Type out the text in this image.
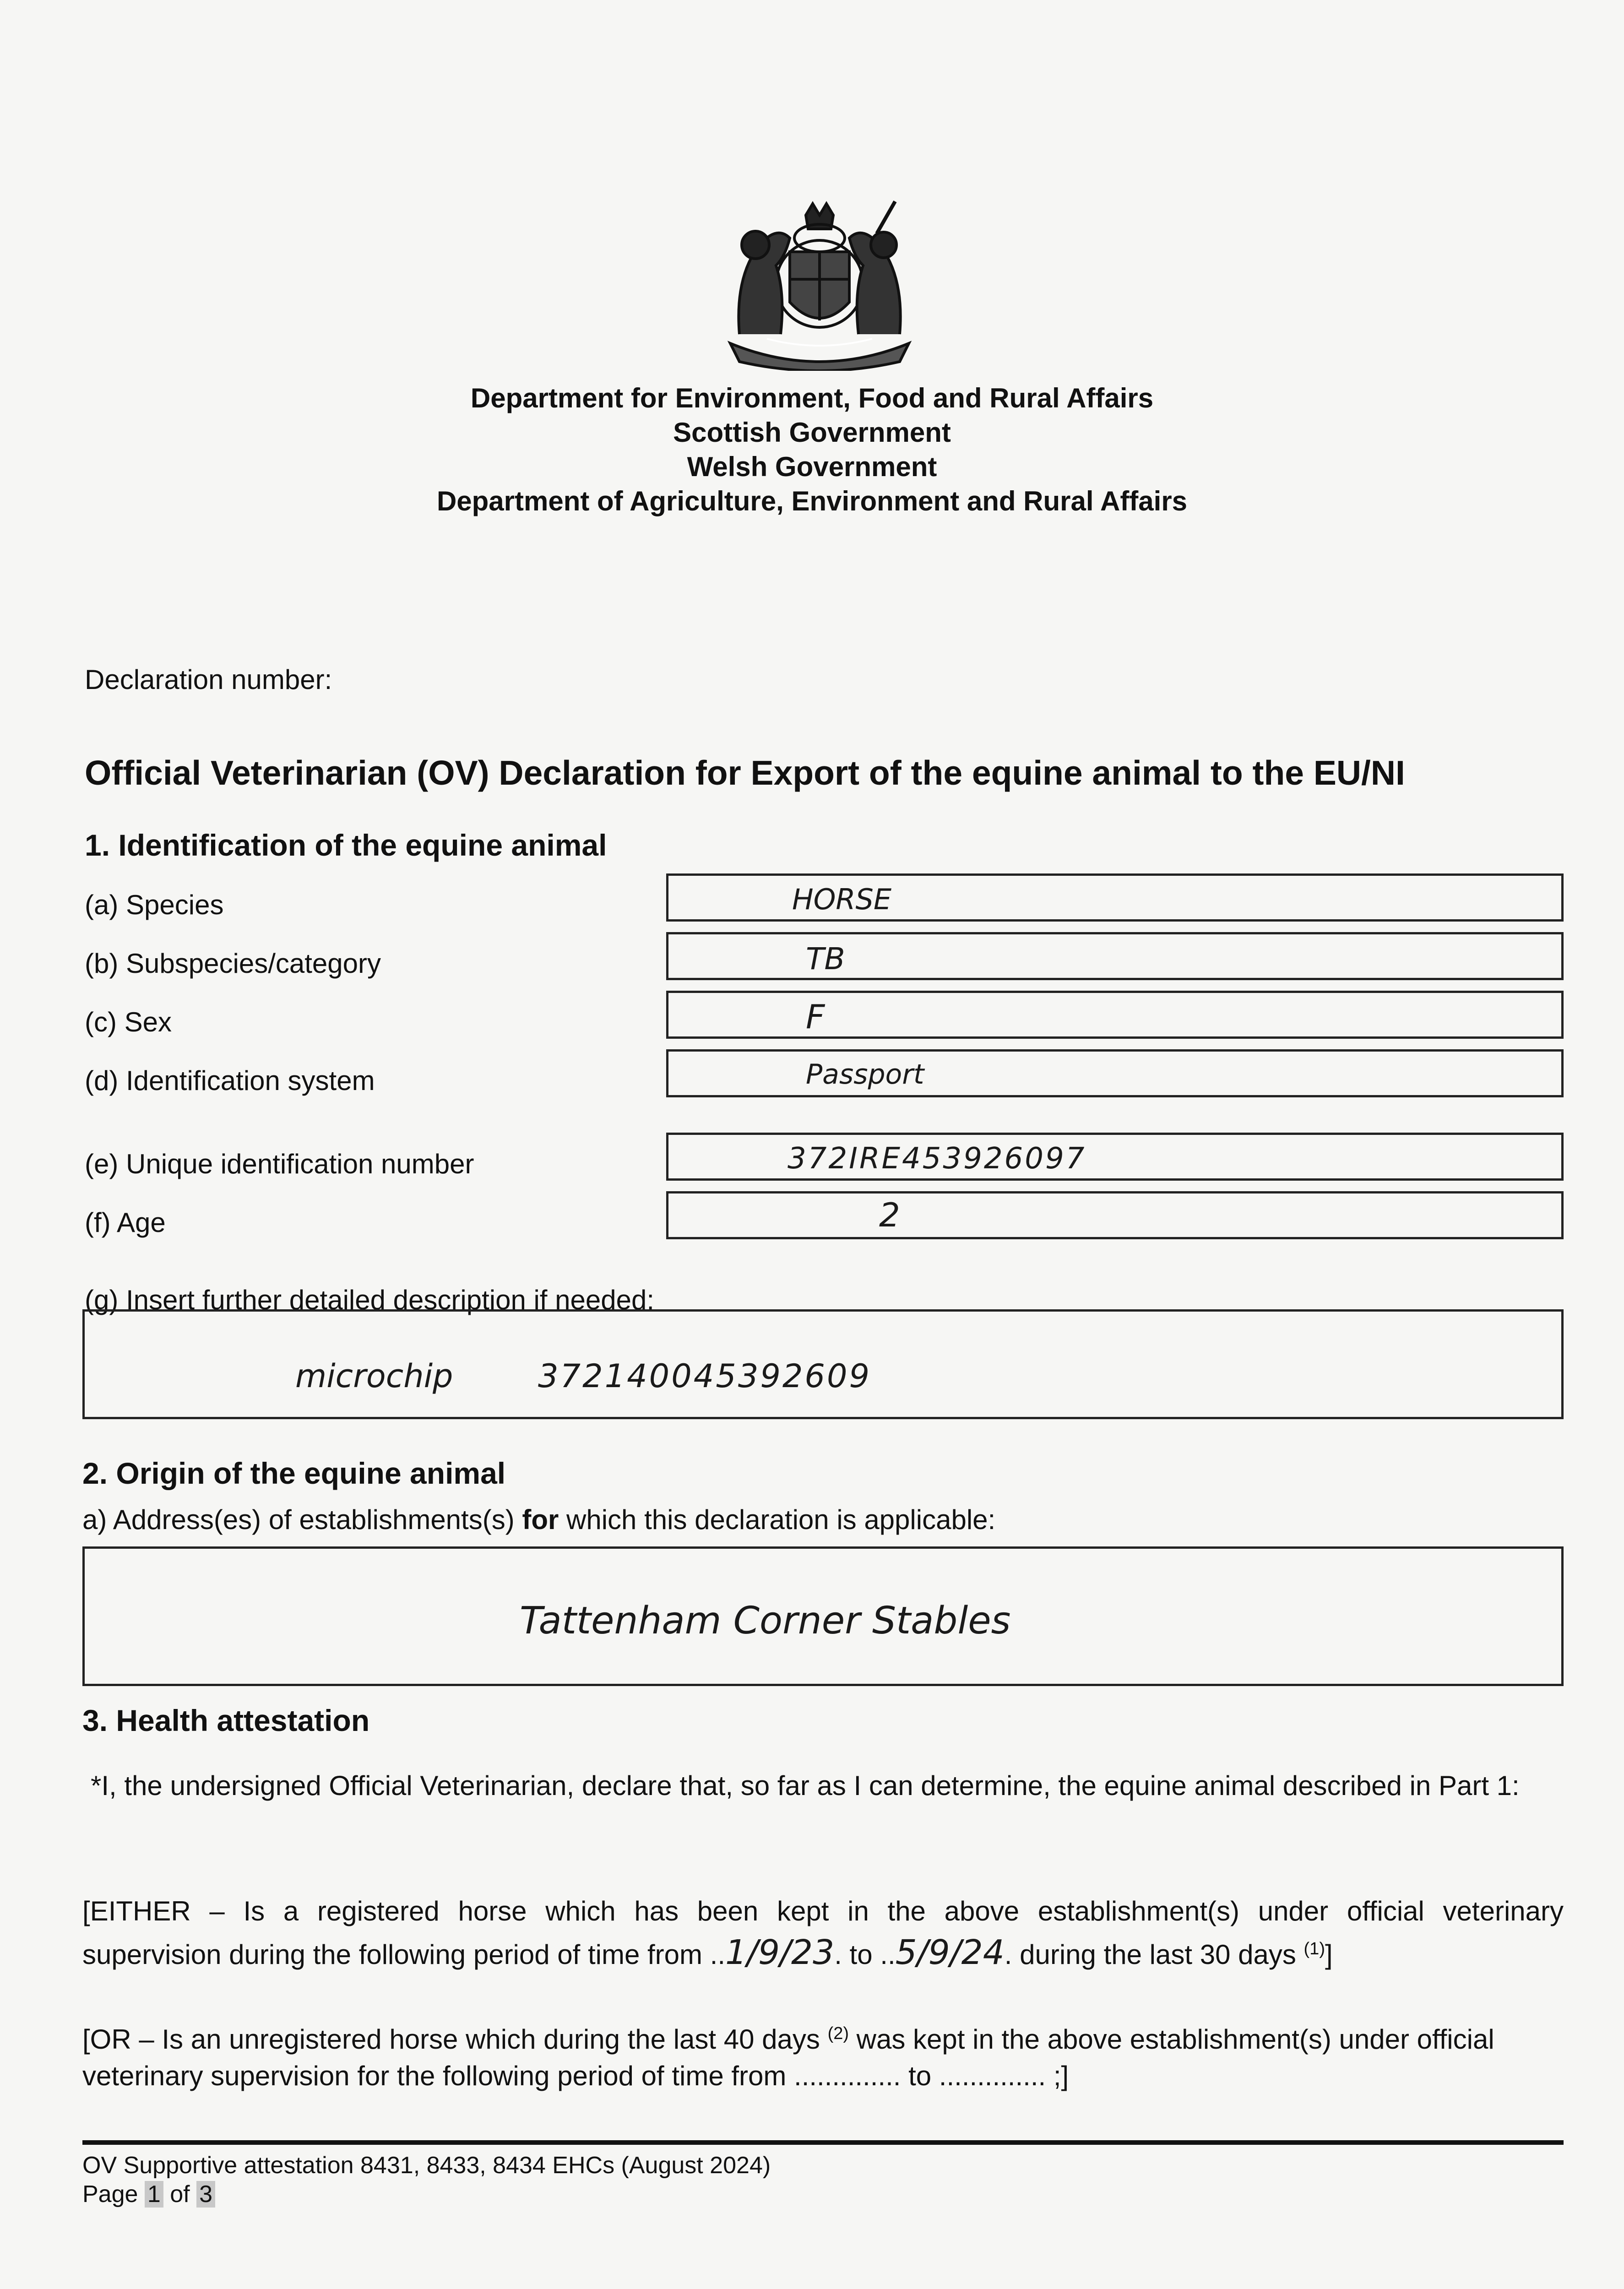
Department for Environment, Food and Rural Affairs
Scottish Government
Welsh Government
Department of Agriculture, Environment and Rural Affairs
Declaration number:
Official Veterinarian (OV) Declaration for Export of the equine animal to the EU/NI
1. Identification of the equine animal
(a) Species	HORSE
(b) Subspecies/category	TB
(c) Sex	F
(d) Identification system	Passport
(e) Unique identification number	372IRE453926097
(f) Age	2
(g) Insert further detailed description if needed:
microchip	372140045392609
2. Origin of the equine animal
a) Address(es) of establishments(s) for which this declaration is applicable:
Tattenham Corner Stables
3. Health attestation
*I, the undersigned Official Veterinarian, declare that, so far as I can determine, the equine animal described in Part 1:
[EITHER – Is a registered horse which has been kept in the above establishment(s) under official veterinary
supervision during the following period of time from ..1/9/23. to ..5/9/24. during the last 30 days $^{(1)}$]
[OR – Is an unregistered horse which during the last 40 days $^{(2)}$ was kept in the above establishment(s) under official
veterinary supervision for the following period of time from .............. to .............. ;]
OV Supportive attestation 8431, 8433, 8434 EHCs (August 2024)
Page 1 of 3
